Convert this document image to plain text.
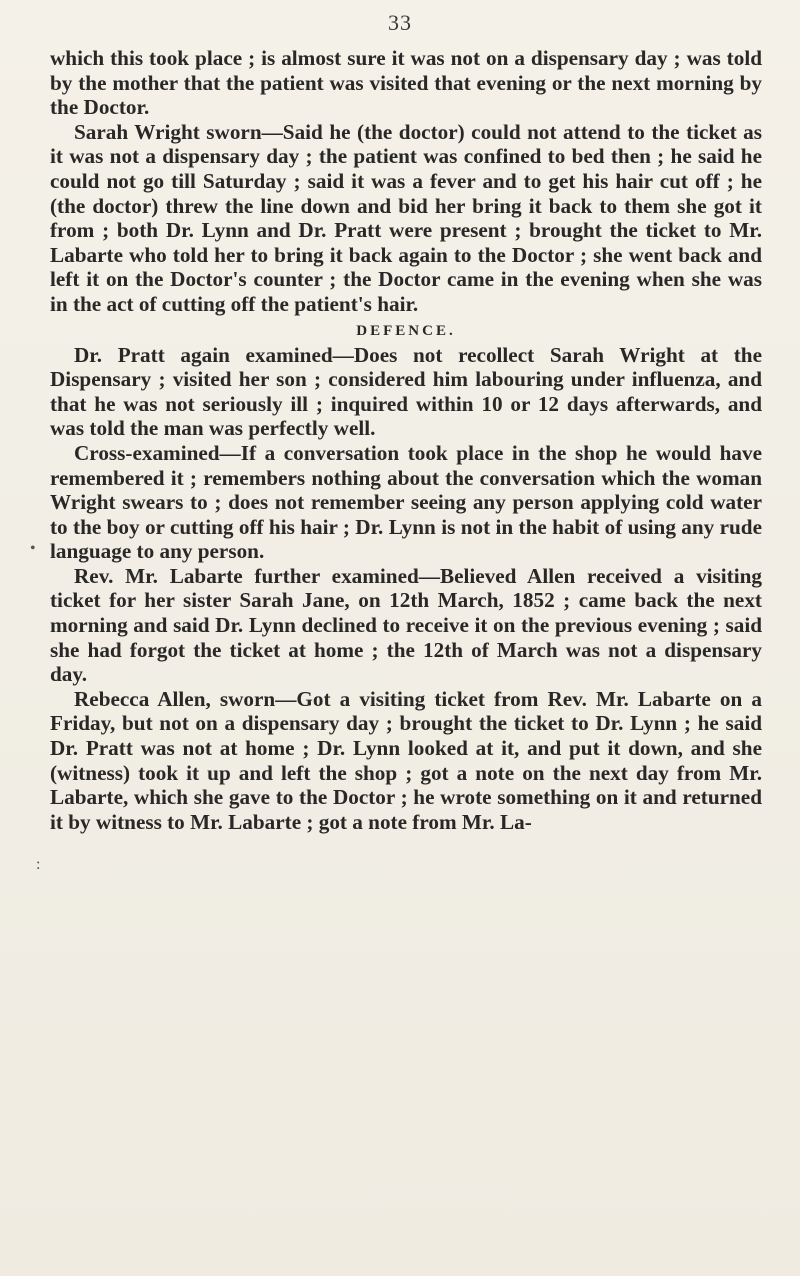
33

which this took place ; is almost sure it was not on a dispensary day ; was told by the mother that the patient was visited that evening or the next morning by the Doctor.

Sarah Wright sworn—Said he (the doctor) could not attend to the ticket as it was not a dispensary day ; the patient was confined to bed then ; he said he could not go till Saturday ; said it was a fever and to get his hair cut off ; he (the doctor) threw the line down and bid her bring it back to them she got it from ; both Dr. Lynn and Dr. Pratt were present ; brought the ticket to Mr. Labarte who told her to bring it back again to the Doctor ; she went back and left it on the Doctor's counter ; the Doctor came in the evening when she was in the act of cutting off the patient's hair.

DEFENCE.

Dr. Pratt again examined—Does not recollect Sarah Wright at the Dispensary ; visited her son ; considered him labouring under influenza, and that he was not seriously ill ; inquired within 10 or 12 days afterwards, and was told the man was perfectly well.

Cross-examined—If a conversation took place in the shop he would have remembered it ; remembers nothing about the conversation which the woman Wright swears to ; does not remember seeing any person applying cold water to the boy or cutting off his hair ; Dr. Lynn is not in the habit of using any rude language to any person.

Rev. Mr. Labarte further examined—Believed Allen received a visiting ticket for her sister Sarah Jane, on 12th March, 1852 ; came back the next morning and said Dr. Lynn declined to receive it on the previous evening ; said she had forgot the ticket at home ; the 12th of March was not a dispensary day.

Rebecca Allen, sworn—Got a visiting ticket from Rev. Mr. Labarte on a Friday, but not on a dispensary day ; brought the ticket to Dr. Lynn ; he said Dr. Pratt was not at home ; Dr. Lynn looked at it, and put it down, and she (witness) took it up and left the shop ; got a note on the next day from Mr. Labarte, which she gave to the Doctor ; he wrote something on it and returned it by witness to Mr. Labarte ; got a note from Mr. La-

•
:
